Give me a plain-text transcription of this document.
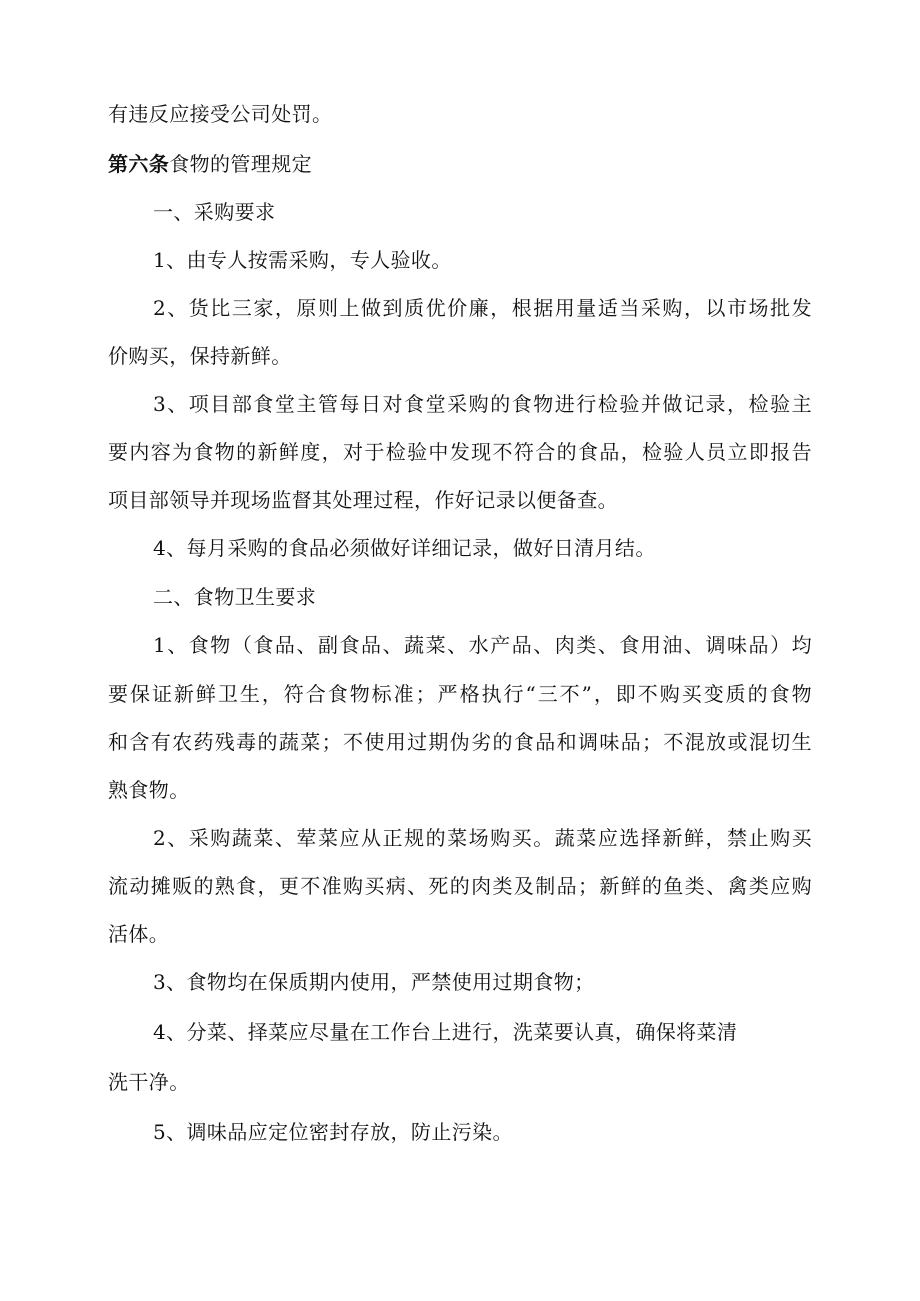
有违反应接受公司处罚。
第六条食物的管理规定
一、采购要求
1、由专人按需采购，专人验收。
2、货比三家，原则上做到质优价廉，根据用量适当采购，以市场批发
价购买，保持新鲜。
3、项目部食堂主管每日对食堂采购的食物进行检验并做记录，检验主
要内容为食物的新鲜度，对于检验中发现不符合的食品，检验人员立即报告
项目部领导并现场监督其处理过程，作好记录以便备查。
4、每月采购的食品必须做好详细记录，做好日清月结。
二、食物卫生要求
1、食物（食品、副食品、蔬菜、水产品、肉类、食用油、调味品）均
要保证新鲜卫生，符合食物标准；严格执行“三不”，即不购买变质的食物
和含有农药残毒的蔬菜；不使用过期伪劣的食品和调味品；不混放或混切生
熟食物。
2、采购蔬菜、荤菜应从正规的菜场购买。蔬菜应选择新鲜，禁止购买
流动摊贩的熟食，更不准购买病、死的肉类及制品；新鲜的鱼类、禽类应购
活体。
3、食物均在保质期内使用，严禁使用过期食物；
4、分菜、择菜应尽量在工作台上进行，洗菜要认真，确保将菜清
洗干净。
5、调味品应定位密封存放，防止污染。
